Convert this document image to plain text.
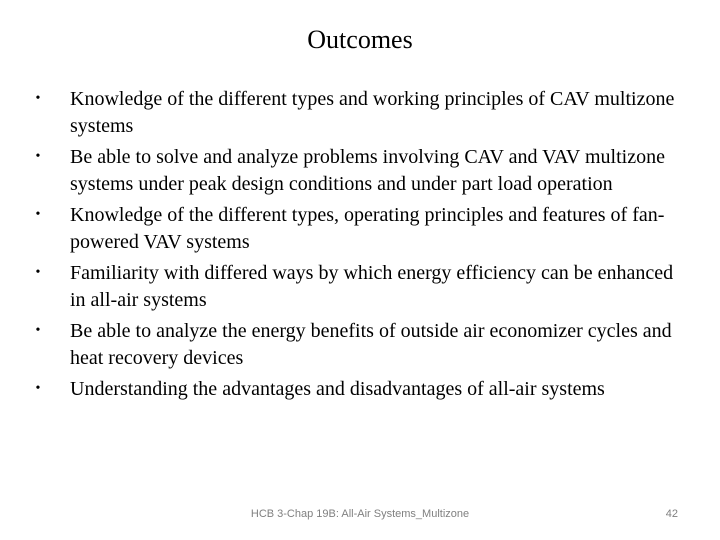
Outcomes
• Knowledge of the different types and working principles of CAV multizone systems
• Be able to solve and analyze problems involving CAV and VAV multizone systems under peak design conditions and under part load operation
• Knowledge of the different types, operating principles and features of fan-powered VAV systems
• Familiarity with differed ways by which energy efficiency can be enhanced in all-air systems
• Be able to analyze the energy benefits of outside air economizer cycles and heat recovery devices
• Understanding the advantages and disadvantages of all-air systems
HCB 3-Chap 19B: All-Air Systems_Multizone	42
